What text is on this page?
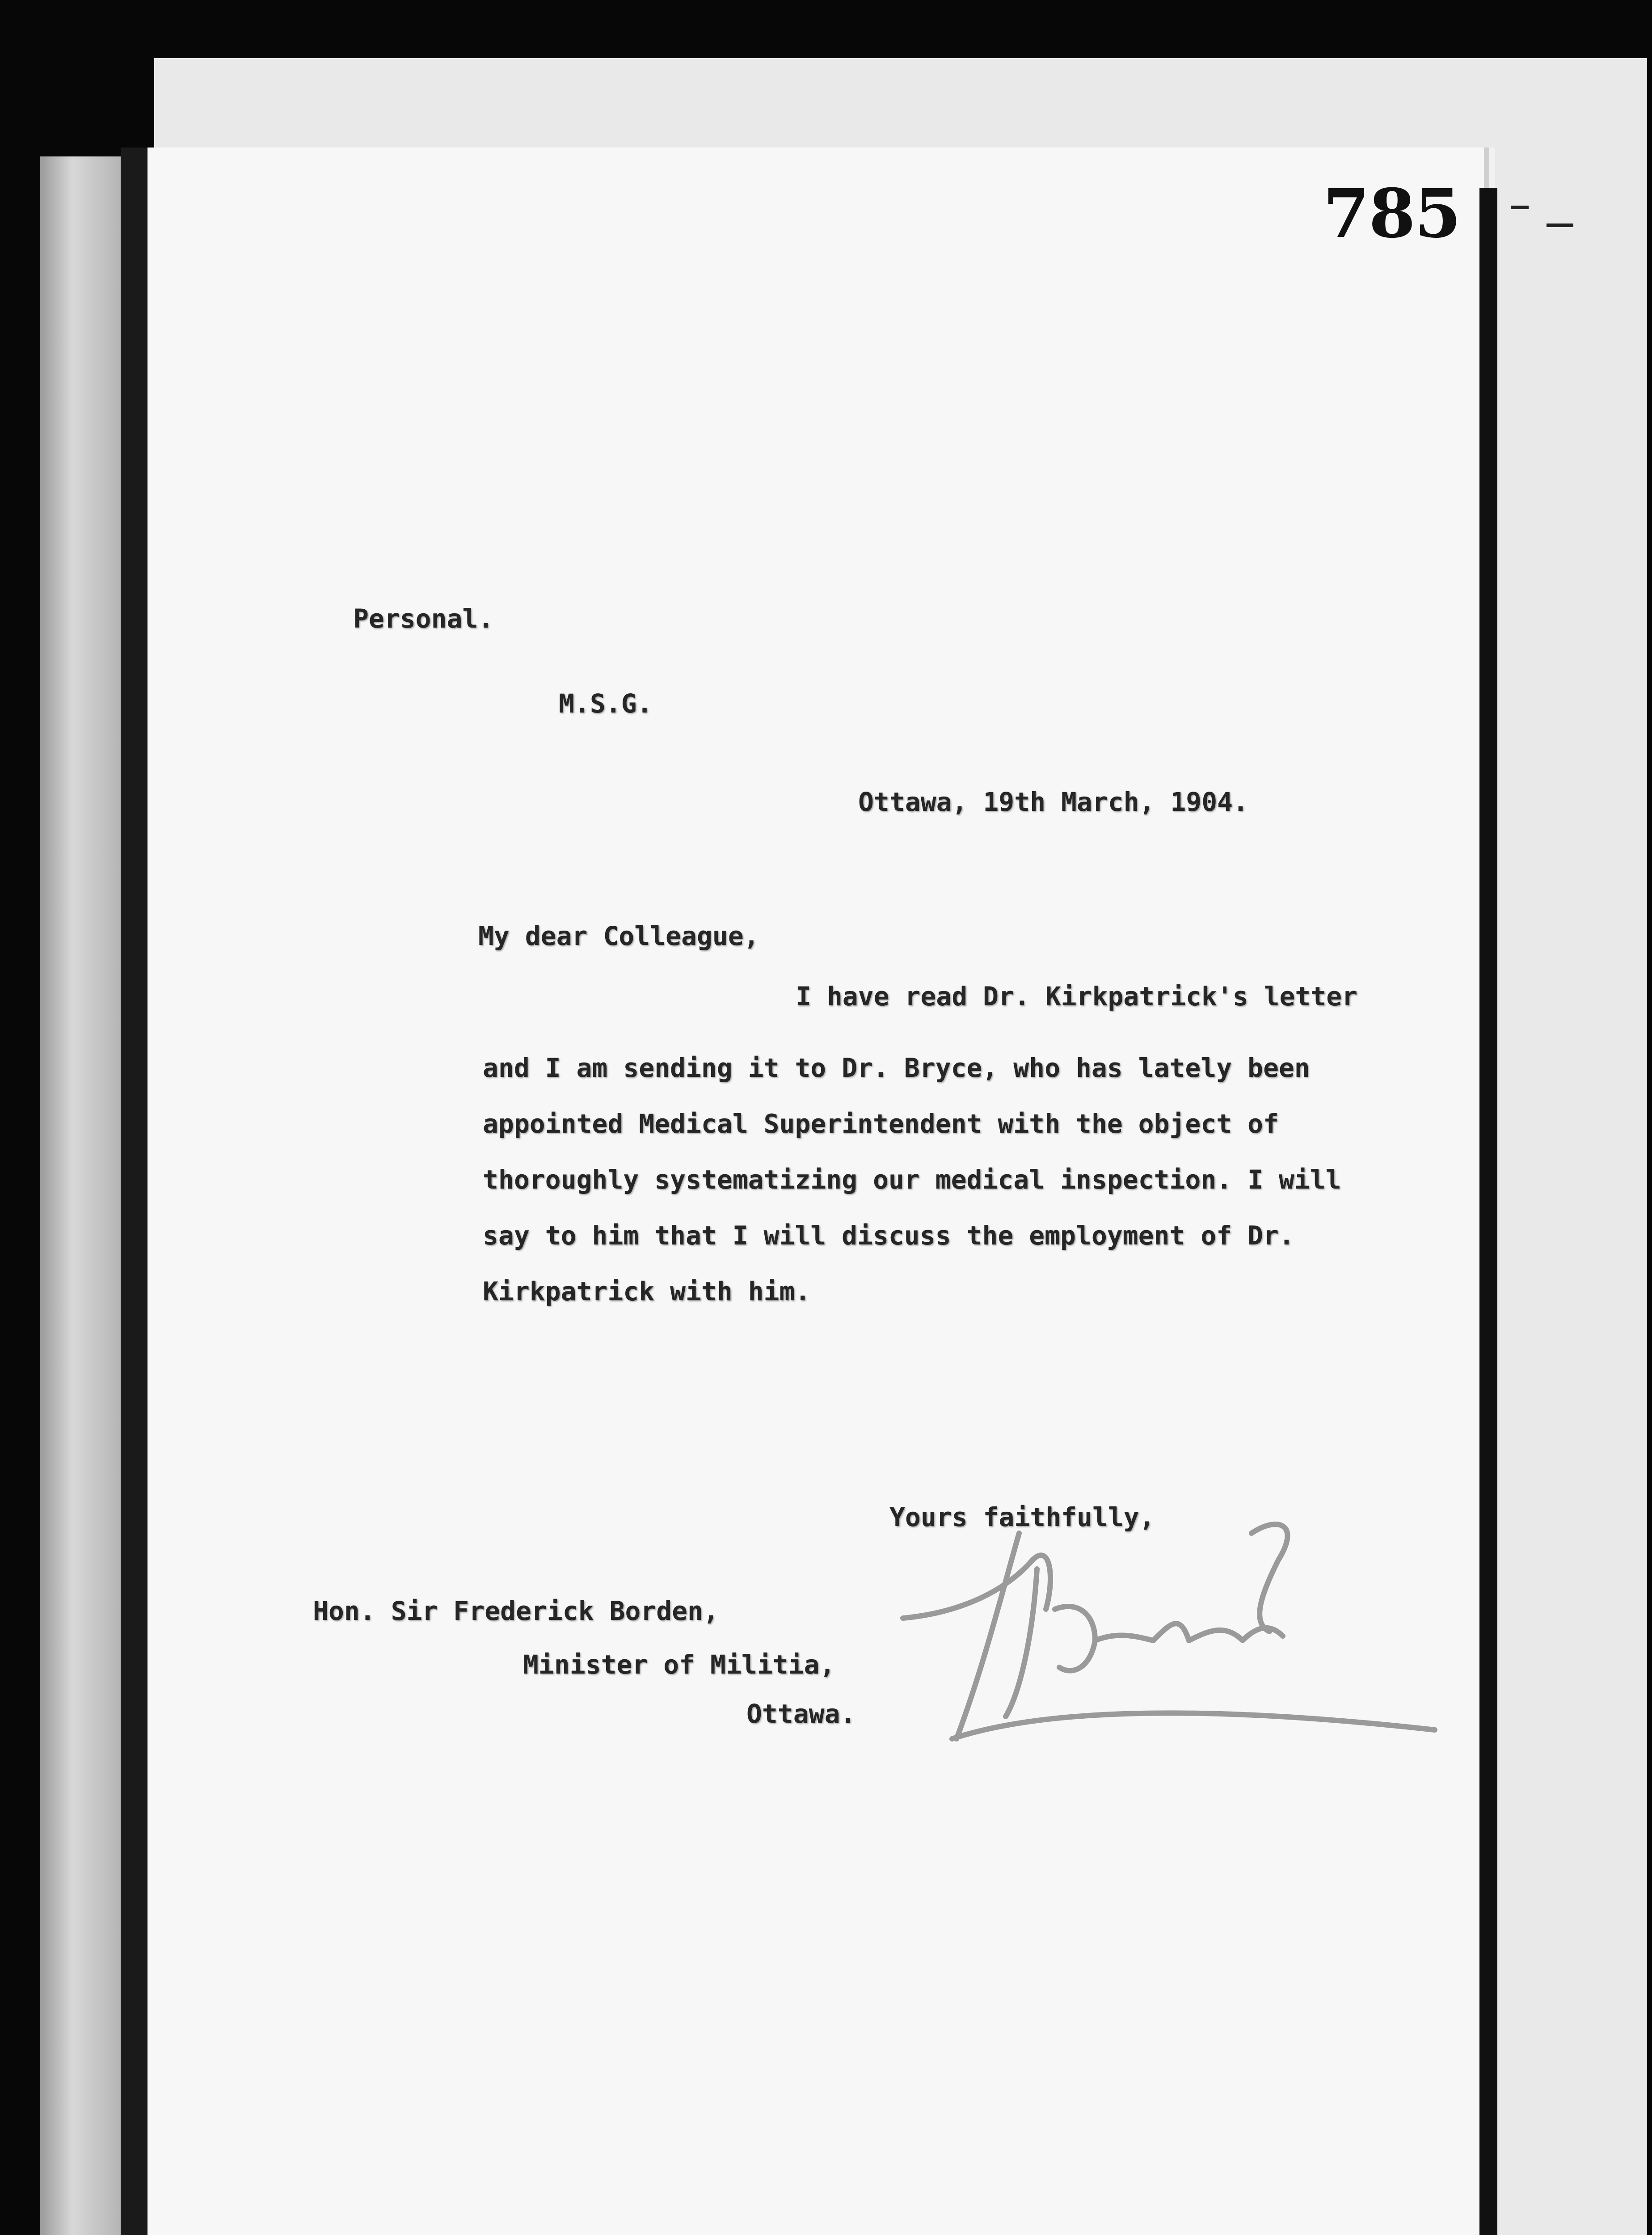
785
Personal.
M.S.G.
Ottawa, 19th March, 1904.
My dear Colleague,
I have read Dr. Kirkpatrick's letter
and I am sending it to Dr. Bryce, who has lately been
appointed Medical Superintendent with the object of
thoroughly systematizing our medical inspection. I will
say to him that I will discuss the employment of Dr.
Kirkpatrick with him.
Yours faithfully,
Hon. Sir Frederick Borden,
Minister of Militia,
Ottawa.
